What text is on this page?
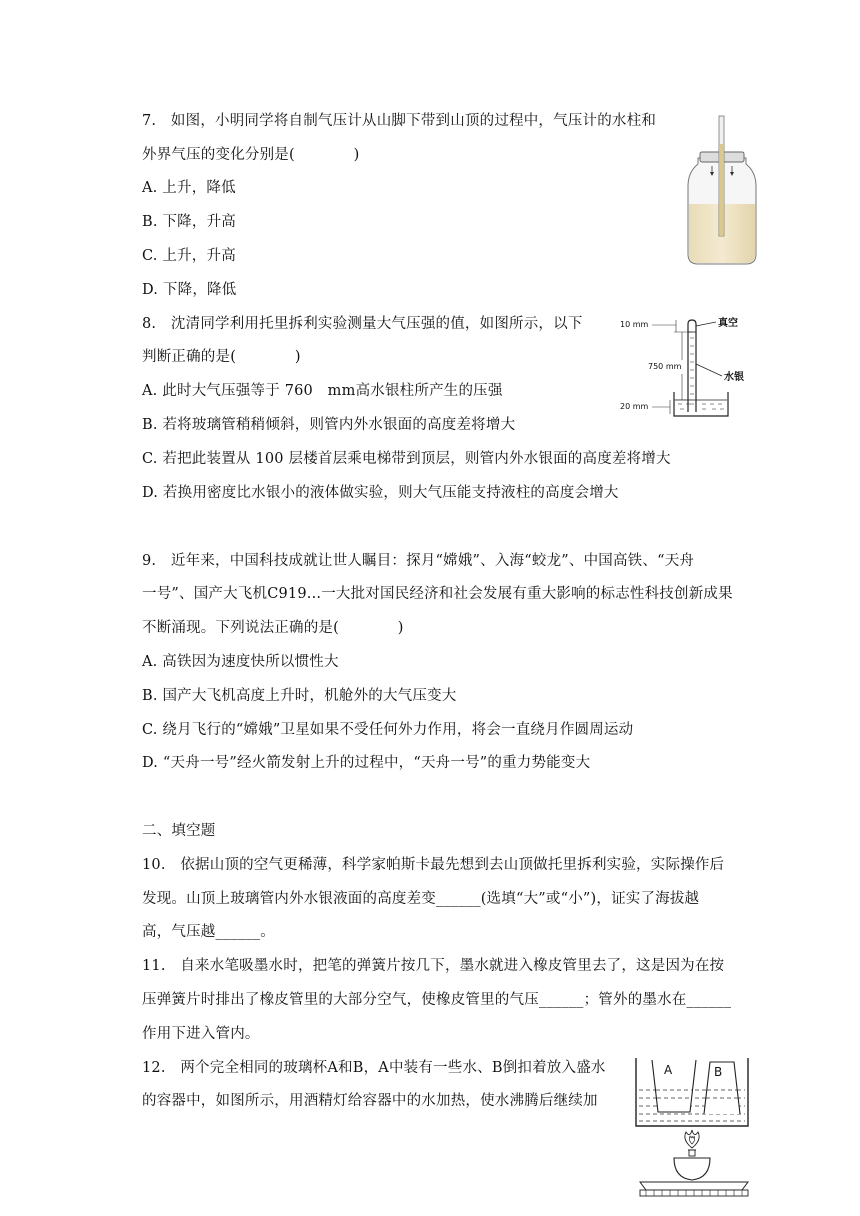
7.　如图，小明同学将自制气压计从山脚下带到山顶的过程中，气压计的水柱和
外界气压的变化分别是(　　　　)
A. 上升，降低
B. 下降，升高
C. 上升，升高
D. 下降，降低
8.　沈清同学利用托里拆利实验测量大气压强的值，如图所示，以下
判断正确的是(　　　　)
A. 此时大气压强等于 760　mm高水银柱所产生的压强
B. 若将玻璃管稍稍倾斜，则管内外水银面的高度差将增大
C. 若把此装置从 100 层楼首层乘电梯带到顶层，则管内外水银面的高度差将增大
D. 若换用密度比水银小的液体做实验，则大气压能支持液柱的高度会增大
10 mm
750 mm
20 mm
真空
水银
9.　近年来，中国科技成就让世人瞩目：探月“嫦娥”、入海“蛟龙”、中国高铁、“天舟
一号”、国产大飞机C919...一大批对国民经济和社会发展有重大影响的标志性科技创新成果
不断涌现。下列说法正确的是(　　　　)
A. 高铁因为速度快所以惯性大
B. 国产大飞机高度上升时，机舱外的大气压变大
C. 绕月飞行的“嫦娥”卫星如果不受任何外力作用，将会一直绕月作圆周运动
D. “天舟一号”经火箭发射上升的过程中，“天舟一号”的重力势能变大
二、填空题
10.　依据山顶的空气更稀薄，科学家帕斯卡最先想到去山顶做托里拆利实验，实际操作后
发现。山顶上玻璃管内外水银液面的高度差变______(选填“大”或“小”)，证实了海拔越
高，气压越______。
11.　自来水笔吸墨水时，把笔的弹簧片按几下，墨水就进入橡皮管里去了，这是因为在按
压弹簧片时排出了橡皮管里的大部分空气，使橡皮管里的气压______；管外的墨水在______
作用下进入管内。
12.　两个完全相同的玻璃杯A和B，A中装有一些水、B倒扣着放入盛水
的容器中，如图所示，用酒精灯给容器中的水加热，使水沸腾后继续加
A	B
